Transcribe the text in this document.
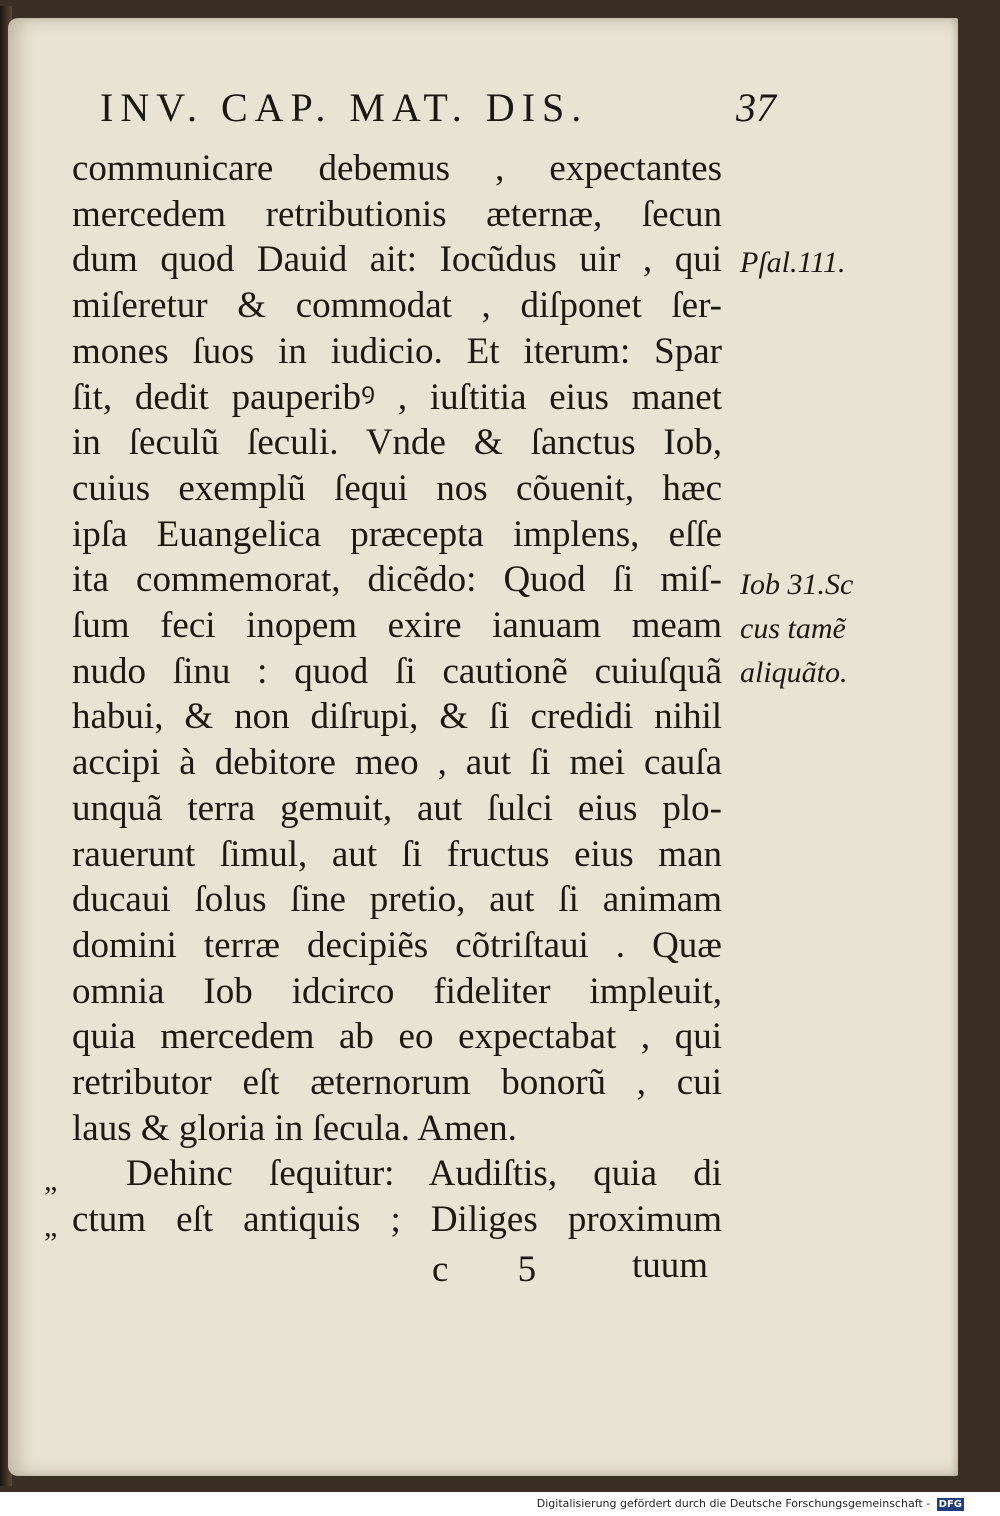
INV. CAP. MAT. DIS.	37
communicare debemus , expectantes
mercedem retributionis æternæ, ſecun
dum quod Dauid ait: Iocũdus uir , qui
miſeretur & commodat , diſponet ſer-
mones ſuos in iudicio. Et iterum: Spar
ſit, dedit pauperibꝰ , iuſtitia eius manet
in ſeculũ ſeculi. Vnde & ſanctus Iob,
cuius exemplũ ſequi nos cõuenit, hæc
ipſa Euangelica præcepta implens, eſſe
ita commemorat, dicẽdo: Quod ſi miſ-
ſum feci inopem exire ianuam meam
nudo ſinu : quod ſi cautionẽ cuiuſquã
habui, & non diſrupi, & ſi credidi nihil
accipi à debitore meo , aut ſi mei cauſa
unquã terra gemuit, aut ſulci eius plo-
rauerunt ſimul, aut ſi fructus eius man
ducaui ſolus ſine pretio, aut ſi animam
domini terræ decipiẽs cõtriſtaui . Quæ
omnia Iob idcirco fideliter impleuit,
quia mercedem ab eo expectabat , qui
retributor eſt æternorum bonorũ , cui
laus & gloria in ſecula. Amen.
Dehinc ſequitur: Audiſtis, quia di
ctum eſt antiquis ; Diliges proximum
„
„
Pſal.111.
Iob 31.Sc
cus tamẽ
aliquãto.
c 5 tuum
Digitalisierung gefördert durch die Deutsche Forschungsgemeinschaft - DFG
